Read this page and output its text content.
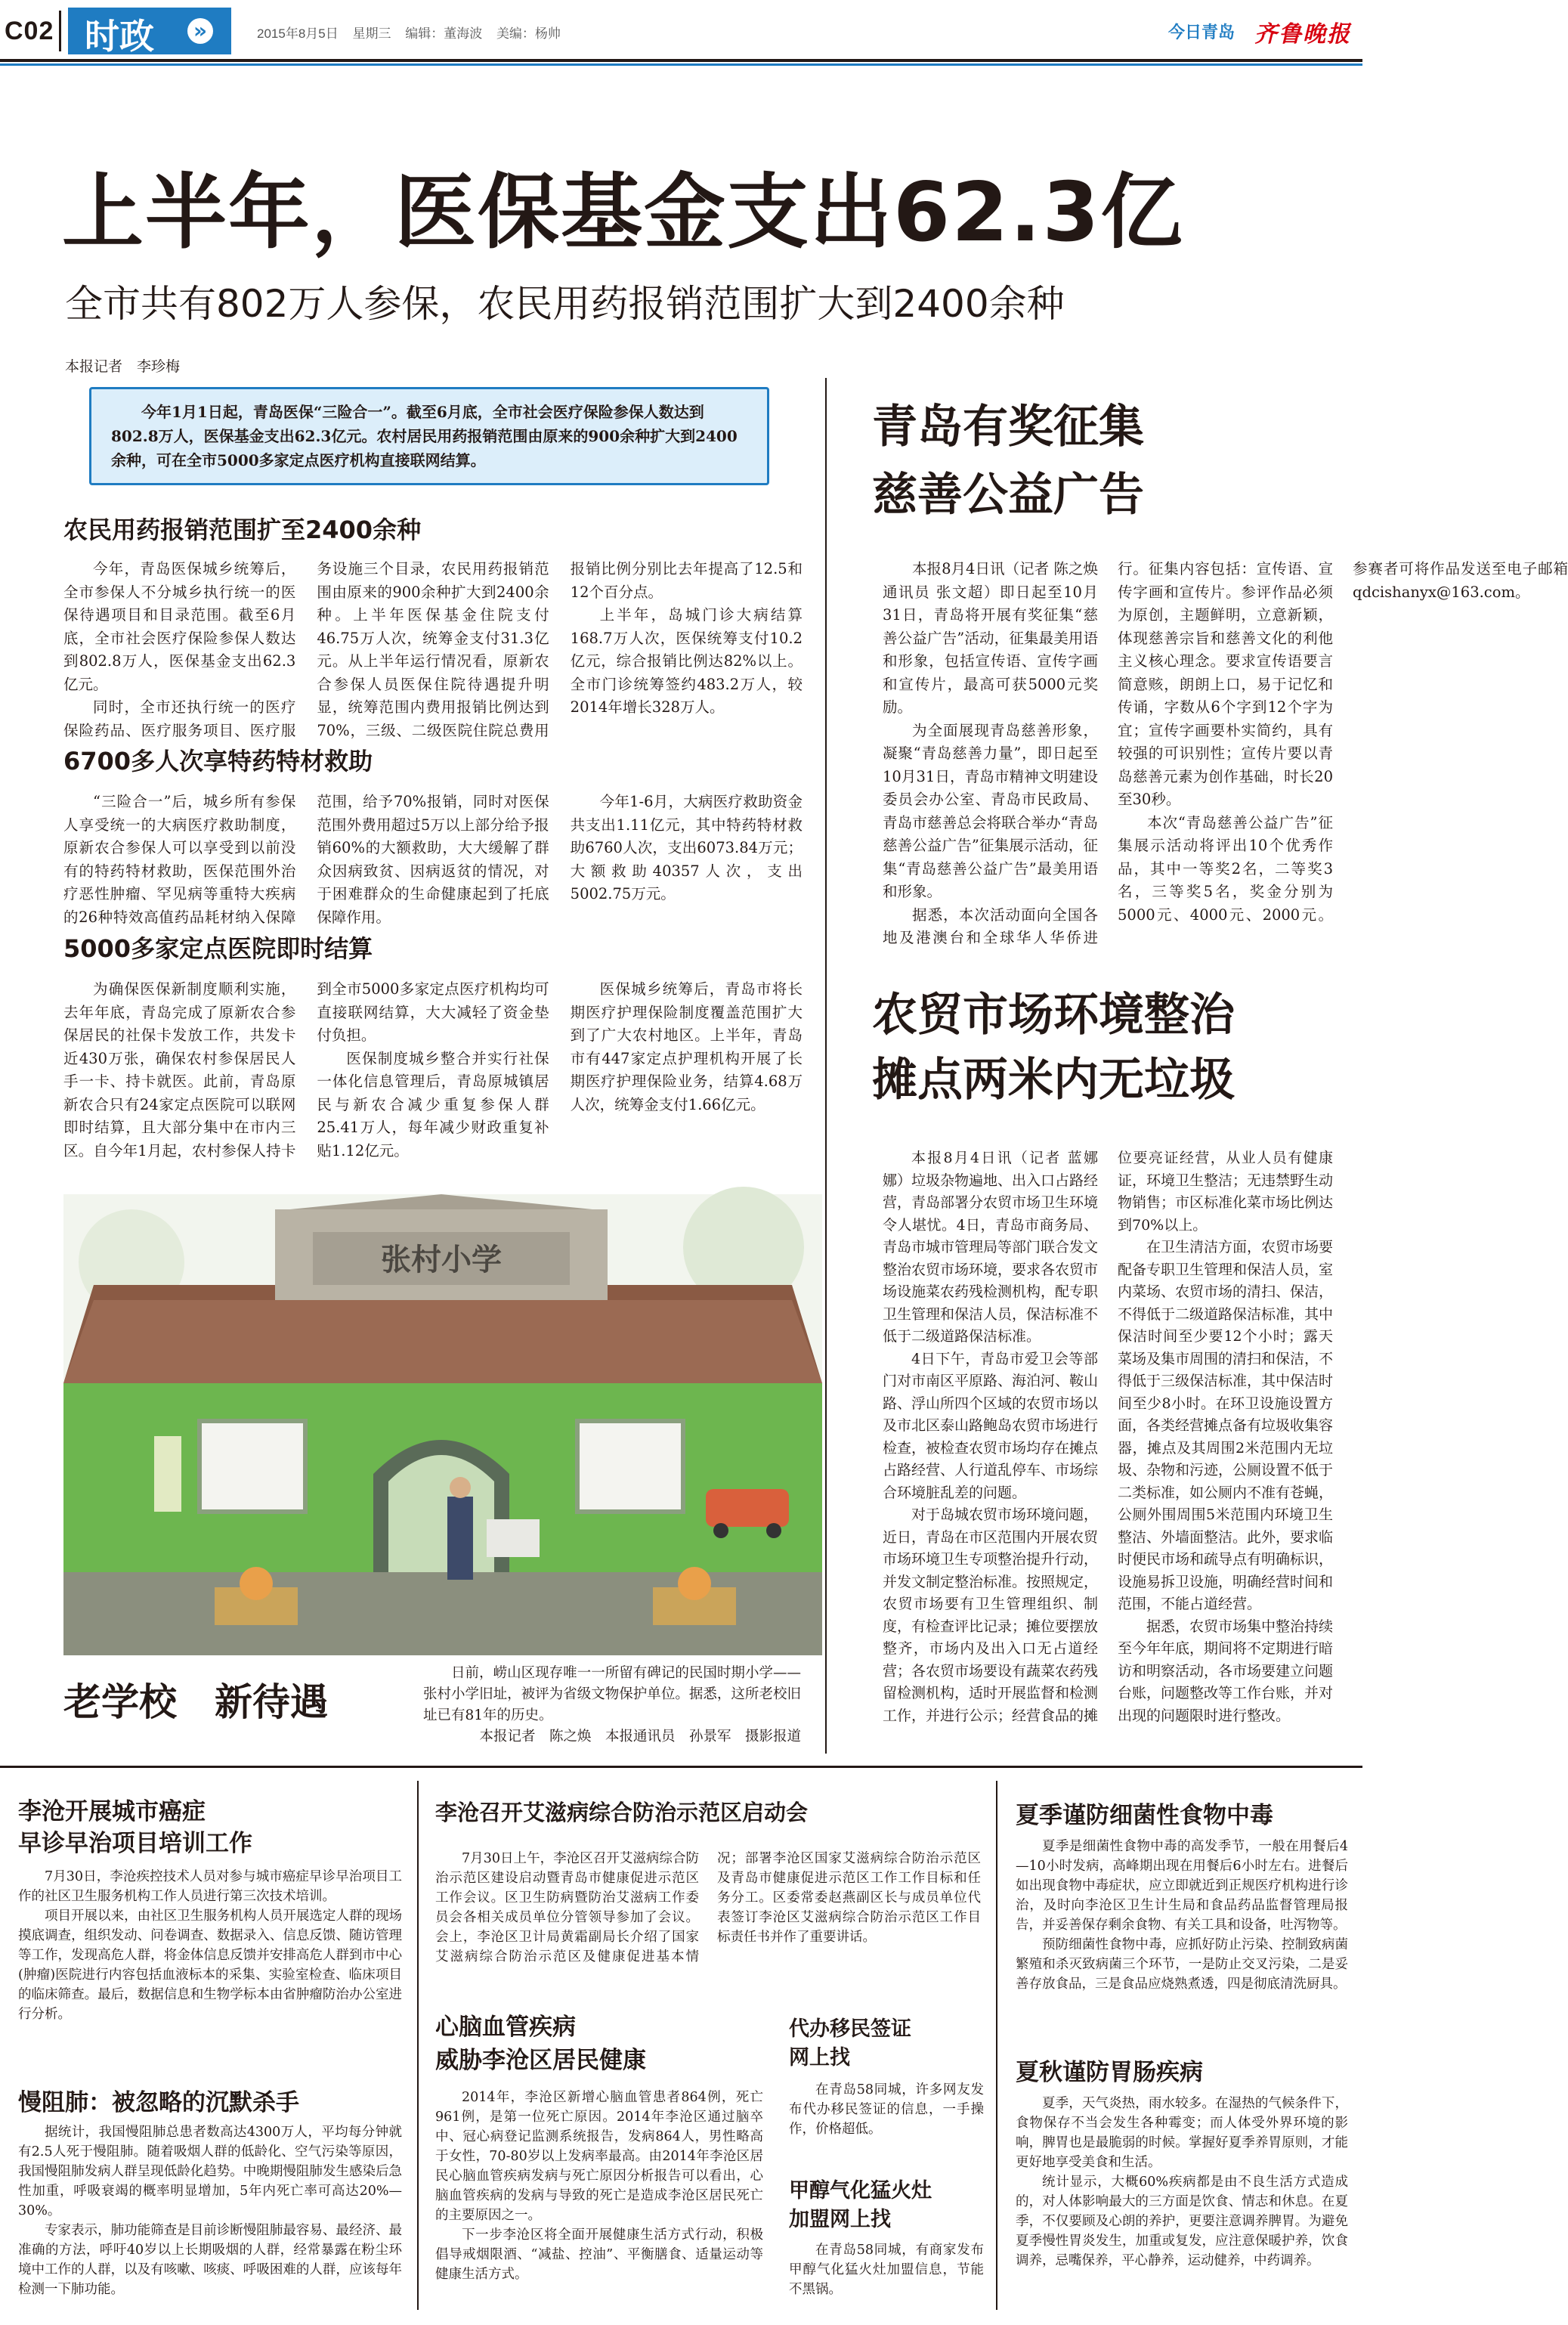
C02 时政 »	2015年8月5日 星期三 编辑：董海波 美编：杨帅	今日青岛 齐鲁晚报
上半年，医保基金支出62.3亿
全市共有802万人参保，农民用药报销范围扩大到2400余种
本报记者　李珍梅
今年1月1日起，青岛医保“三险合一”。截至6月底，全市社会医疗保险参保人数达到802.8万人，医保基金支出62.3亿元。农村居民用药报销范围由原来的900余种扩大到2400余种，可在全市5000多家定点医疗机构直接联网结算。
农民用药报销范围扩至2400余种

今年，青岛医保城乡统筹后，全市参保人不分城乡执行统一的医保待遇项目和目录范围。截至6月底，全市社会医疗保险参保人数达到802.8万人，医保基金支出62.3亿元。

同时，全市还执行统一的医疗保险药品、医疗服务项目、医疗服务设施三个目录，农民用药报销范围由原来的900余种扩大到2400余种。上半年医保基金住院支付46.75万人次，统筹金支付31.3亿元。从上半年运行情况看，原新农合参保人员医保住院待遇提升明显，统筹范围内费用报销比例达到70%，三级、二级医院住院总费用报销比例分别比去年提高了12.5和12个百分点。

上半年，岛城门诊大病结算168.7万人次，医保统筹支付10.2亿元，综合报销比例达82%以上。全市门诊统筹签约483.2万人，较2014年增长328万人。

6700多人次享特药特材救助

“三险合一”后，城乡所有参保人享受统一的大病医疗救助制度，原新农合参保人可以享受到以前没有的特药特材救助，医保范围外治疗恶性肿瘤、罕见病等重特大疾病的26种特效高值药品耗材纳入保障范围，给予70%报销，同时对医保范围外费用超过5万以上部分给予报销60%的大额救助，大大缓解了群众因病致贫、因病返贫的情况，对于困难群众的生命健康起到了托底保障作用。

今年1-6月，大病医疗救助资金共支出1.11亿元，其中特药特材救助6760人次，支出6073.84万元；大额救助40357人次，支出5002.75万元。

5000多家定点医院即时结算

为确保医保新制度顺利实施，去年年底，青岛完成了原新农合参保居民的社保卡发放工作，共发卡近430万张，确保农村参保居民人手一卡、持卡就医。此前，青岛原新农合只有24家定点医院可以联网即时结算，且大部分集中在市内三区。自今年1月起，农村参保人持卡到全市5000多家定点医疗机构均可直接联网结算，大大减轻了资金垫付负担。

医保制度城乡整合并实行社保一体化信息管理后，青岛原城镇居民与新农合减少重复参保人群25.41万人，每年减少财政重复补贴1.12亿元。

医保城乡统筹后，青岛市将长期医疗护理保险制度覆盖范围扩大到了广大农村地区。上半年，青岛市有447家定点护理机构开展了长期医疗护理保险业务，结算4.68万人次，统筹金支付1.66亿元。

青岛有奖征集
慈善公益广告

本报8月4日讯（记者 陈之焕 通讯员 张文超）即日起至10月31日，青岛将开展有奖征集“慈善公益广告”活动，征集最美用语和形象，包括宣传语、宣传字画和宣传片，最高可获5000元奖励。

为全面展现青岛慈善形象，凝聚“青岛慈善力量”，即日起至10月31日，青岛市精神文明建设委员会办公室、青岛市民政局、青岛市慈善总会将联合举办“青岛慈善公益广告”征集展示活动，征集“青岛慈善公益广告”最美用语和形象。

据悉，本次活动面向全国各地及港澳台和全球华人华侨进行。征集内容包括：宣传语、宣传字画和宣传片。参评作品必须为原创，主题鲜明，立意新颖，体现慈善宗旨和慈善文化的利他主义核心理念。要求宣传语要言简意赅，朗朗上口，易于记忆和传诵，字数从6个字到12个字为宜；宣传字画要朴实简约，具有较强的可识别性；宣传片要以青岛慈善元素为创作基础，时长20至30秒。

本次“青岛慈善公益广告”征集展示活动将评出10个优秀作品，其中一等奖2名，二等奖3名，三等奖5名，奖金分别为5000元、4000元、2000元。参赛者可将作品发送至电子邮箱qdcishanyx@163.com。

农贸市场环境整治
摊点两米内无垃圾

本报8月4日讯（记者 蓝娜娜）垃圾杂物遍地、出入口占路经营，青岛部署分农贸市场卫生环境令人堪忧。4日，青岛市商务局、青岛市城市管理局等部门联合发文整治农贸市场环境，要求各农贸市场设施菜农药残检测机构，配专职卫生管理和保洁人员，保洁标准不低于二级道路保洁标准。

4日下午，青岛市爱卫会等部门对市南区平原路、海泊河、鞍山路、浮山所四个区域的农贸市场以及市北区泰山路鲍岛农贸市场进行检查，被检查农贸市场均存在摊点占路经营、人行道乱停车、市场综合环境脏乱差的问题。

对于岛城农贸市场环境问题，近日，青岛在市区范围内开展农贸市场环境卫生专项整治提升行动，并发文制定整治标准。按照规定，农贸市场要有卫生管理组织、制度，有检查评比记录；摊位要摆放整齐，市场内及出入口无占道经营；各农贸市场要设有蔬菜农药残留检测机构，适时开展监督和检测工作，并进行公示；经营食品的摊位要亮证经营，从业人员有健康证，环境卫生整洁；无违禁野生动物销售；市区标准化菜市场比例达到70%以上。

在卫生清洁方面，农贸市场要配备专职卫生管理和保洁人员，室内菜场、农贸市场的清扫、保洁，不得低于二级道路保洁标准，其中保洁时间至少要12个小时；露天菜场及集市周围的清扫和保洁，不得低于三级保洁标准，其中保洁时间至少8小时。在环卫设施设置方面，各类经营摊点备有垃圾收集容器，摊点及其周围2米范围内无垃圾、杂物和污迹，公厕设置不低于二类标准，如公厕内不准有苍蝇，公厕外围周围5米范围内环境卫生整洁、外墙面整洁。此外，要求临时便民市场和疏导点有明确标识，设施易拆卫设施，明确经营时间和范围，不能占道经营。

据悉，农贸市场集中整治持续至今年年底，期间将不定期进行暗访和明察活动，各市场要建立问题台账，问题整改等工作台账，并对出现的问题限时进行整改。

张村小学
老学校　新待遇
日前，崂山区现存唯一一所留有碑记的民国时期小学——张村小学旧址，被评为省级文物保护单位。据悉，这所老校旧址已有81年的历史。
本报记者　陈之焕　本报通讯员　孙景军　摄影报道
李沧开展城市癌症
早诊早治项目培训工作

7月30日，李沧疾控技术人员对参与城市癌症早诊早治项目工作的社区卫生服务机构工作人员进行第三次技术培训。

项目开展以来，由社区卫生服务机构人员开展选定人群的现场摸底调查，组织发动、问卷调查、数据录入、信息反馈、随访管理等工作，发现高危人群，将金体信息反馈并安排高危人群到市中心(肿瘤)医院进行内容包括血液标本的采集、实验室检查、临床项目的临床筛查。最后，数据信息和生物学标本由省肿瘤防治办公室进行分析。

慢阻肺：被忽略的沉默杀手

据统计，我国慢阻肺总患者数高达4300万人，平均每分钟就有2.5人死于慢阻肺。随着吸烟人群的低龄化、空气污染等原因，我国慢阻肺发病人群呈现低龄化趋势。中晚期慢阻肺发生感染后急性加重，呼吸衰竭的概率明显增加，5年内死亡率可高达20%—30%。

专家表示，肺功能筛查是目前诊断慢阻肺最容易、最经济、最准确的方法，呼吁40岁以上长期吸烟的人群，经常暴露在粉尘环境中工作的人群，以及有咳嗽、咳痰、呼吸困难的人群，应该每年检测一下肺功能。

李沧召开艾滋病综合防治示范区启动会

7月30日上午，李沧区召开艾滋病综合防治示范区建设启动暨青岛市健康促进示范区工作会议。区卫生防病暨防治艾滋病工作委员会各相关成员单位分管领导参加了会议。会上，李沧区卫计局黄霜副局长介绍了国家艾滋病综合防治示范区及健康促进基本情况；部署李沧区国家艾滋病综合防治示范区及青岛市健康促进示范区工作工作目标和任务分工。区委常委赵燕副区长与成员单位代表签订李沧区艾滋病综合防治示范区工作目标责任书并作了重要讲话。

心脑血管疾病
威胁李沧区居民健康

2014年，李沧区新增心脑血管患者864例，死亡961例，是第一位死亡原因。2014年李沧区通过脑卒中、冠心病登记监测系统报告，发病864人，男性略高于女性，70-80岁以上发病率最高。由2014年李沧区居民心脑血管疾病发病与死亡原因分析报告可以看出，心脑血管疾病的发病与导致的死亡是造成李沧区居民死亡的主要原因之一。

下一步李沧区将全面开展健康生活方式行动，积极倡导戒烟限酒、“减盐、控油”、平衡膳食、适量运动等健康生活方式。

代办移民签证
网上找

在青岛58同城，许多网友发布代办移民签证的信息，一手操作，价格超低。

甲醇气化猛火灶
加盟网上找

在青岛58同城，有商家发布甲醇气化猛火灶加盟信息，节能不黑锅。

夏季谨防细菌性食物中毒

夏季是细菌性食物中毒的高发季节，一般在用餐后4—10小时发病，高峰期出现在用餐后6小时左右。进餐后如出现食物中毒症状，应立即就近到正规医疗机构进行诊治，及时向李沧区卫生计生局和食品药品监督管理局报告，并妥善保存剩余食物、有关工具和设备，吐泻物等。

预防细菌性食物中毒，应抓好防止污染、控制致病菌繁殖和杀灭致病菌三个环节，一是防止交叉污染，二是妥善存放食品，三是食品应烧熟煮透，四是彻底清洗厨具。

夏秋谨防胃肠疾病

夏季，天气炎热，雨水较多。在湿热的气候条件下，食物保存不当会发生各种霉变；而人体受外界环境的影响，脾胃也是最脆弱的时候。掌握好夏季养胃原则，才能更好地享受美食和生活。

统计显示，大概60%疾病都是由不良生活方式造成的，对人体影响最大的三方面是饮食、情志和休息。在夏季，不仅要顾及心朗的养护，更要注意调养脾胃。为避免夏季慢性胃炎发生，加重或复发，应注意保暖护养，饮食调养，忌嘴保养，平心静养，运动健养，中药调养。
